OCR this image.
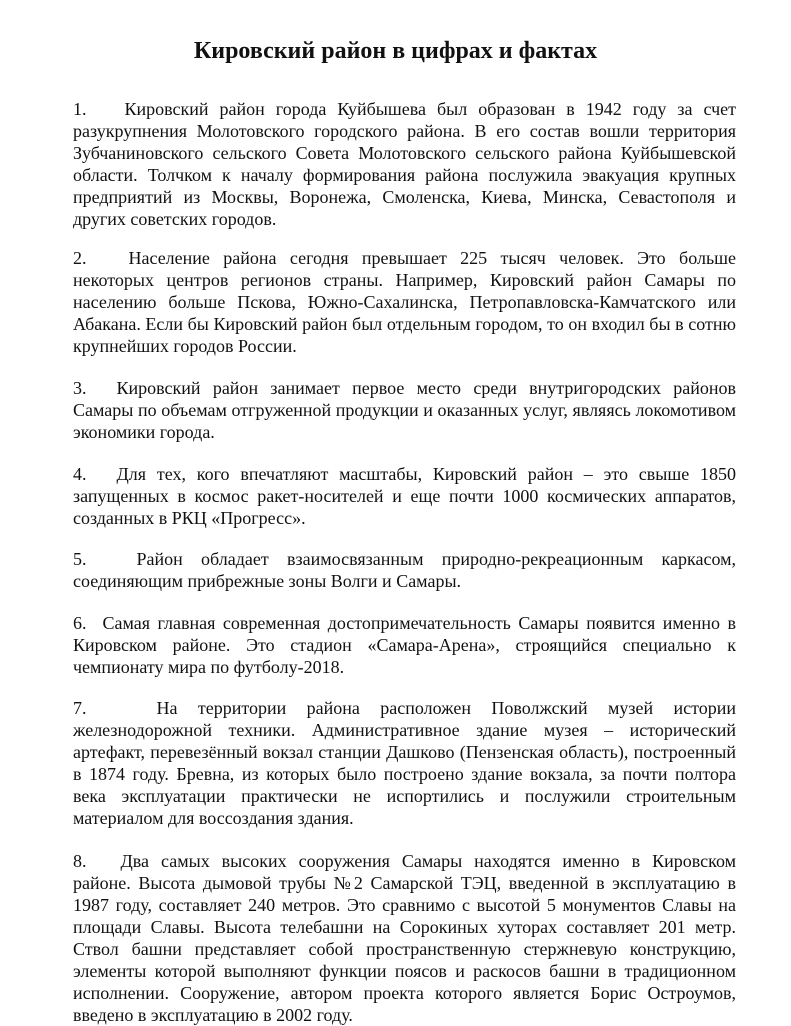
Кировский район в цифрах и фактах

1. Кировский район города Куйбышева был образован в 1942 году за счет разукрупнения Молотовского городского района. В его состав вошли территория Зубчаниновского сельского Совета Молотовского сельского района Куйбышевской области. Толчком к началу формирования района послужила эвакуация крупных предприятий из Москвы, Воронежа, Смоленска, Киева, Минска, Севастополя и других советских городов.

2. Население района сегодня превышает 225 тысяч человек. Это больше некоторых центров регионов страны. Например, Кировский район Самары по населению больше Пскова, Южно-Сахалинска, Петропавловска-Камчатского или Абакана. Если бы Кировский район был отдельным городом, то он входил бы в сотню крупнейших городов России.

3. Кировский район занимает первое место среди внутригородских районов Самары по объемам отгруженной продукции и оказанных услуг, являясь локомотивом экономики города.

4. Для тех, кого впечатляют масштабы, Кировский район – это свыше 1850 запущенных в космос ракет-носителей и еще почти 1000 космических аппаратов, созданных в РКЦ «Прогресс».

5.	Район обладает взаимосвязанным природно-рекреационным каркасом, соединяющим прибрежные зоны Волги и Самары.

6. Самая главная современная достопримечательность Самары появится именно в Кировском районе. Это стадион «Самара-Арена», строящийся специально к чемпионату мира по футболу-2018.

7.	На территории района расположен Поволжский музей истории железнодорожной техники. Административное здание музея – исторический артефакт, перевезённый вокзал станции Дашково (Пензенская область), построенный в 1874 году. Бревна, из которых было построено здание вокзала, за почти полтора века эксплуатации практически не испортились и послужили строительным материалом для воссоздания здания.

8. Два самых высоких сооружения Самары находятся именно в Кировском районе. Высота дымовой трубы №2 Самарской ТЭЦ, введенной в эксплуатацию в 1987 году, составляет 240 метров. Это сравнимо с высотой 5 монументов Славы на площади Славы. Высота телебашни на Сорокиных хуторах составляет 201 метр. Ствол башни представляет собой пространственную стержневую конструкцию, элементы которой выполняют функции поясов и раскосов башни в традиционном исполнении. Сооружение, автором проекта которого является Борис Остроумов, введено в эксплуатацию в 2002 году.
